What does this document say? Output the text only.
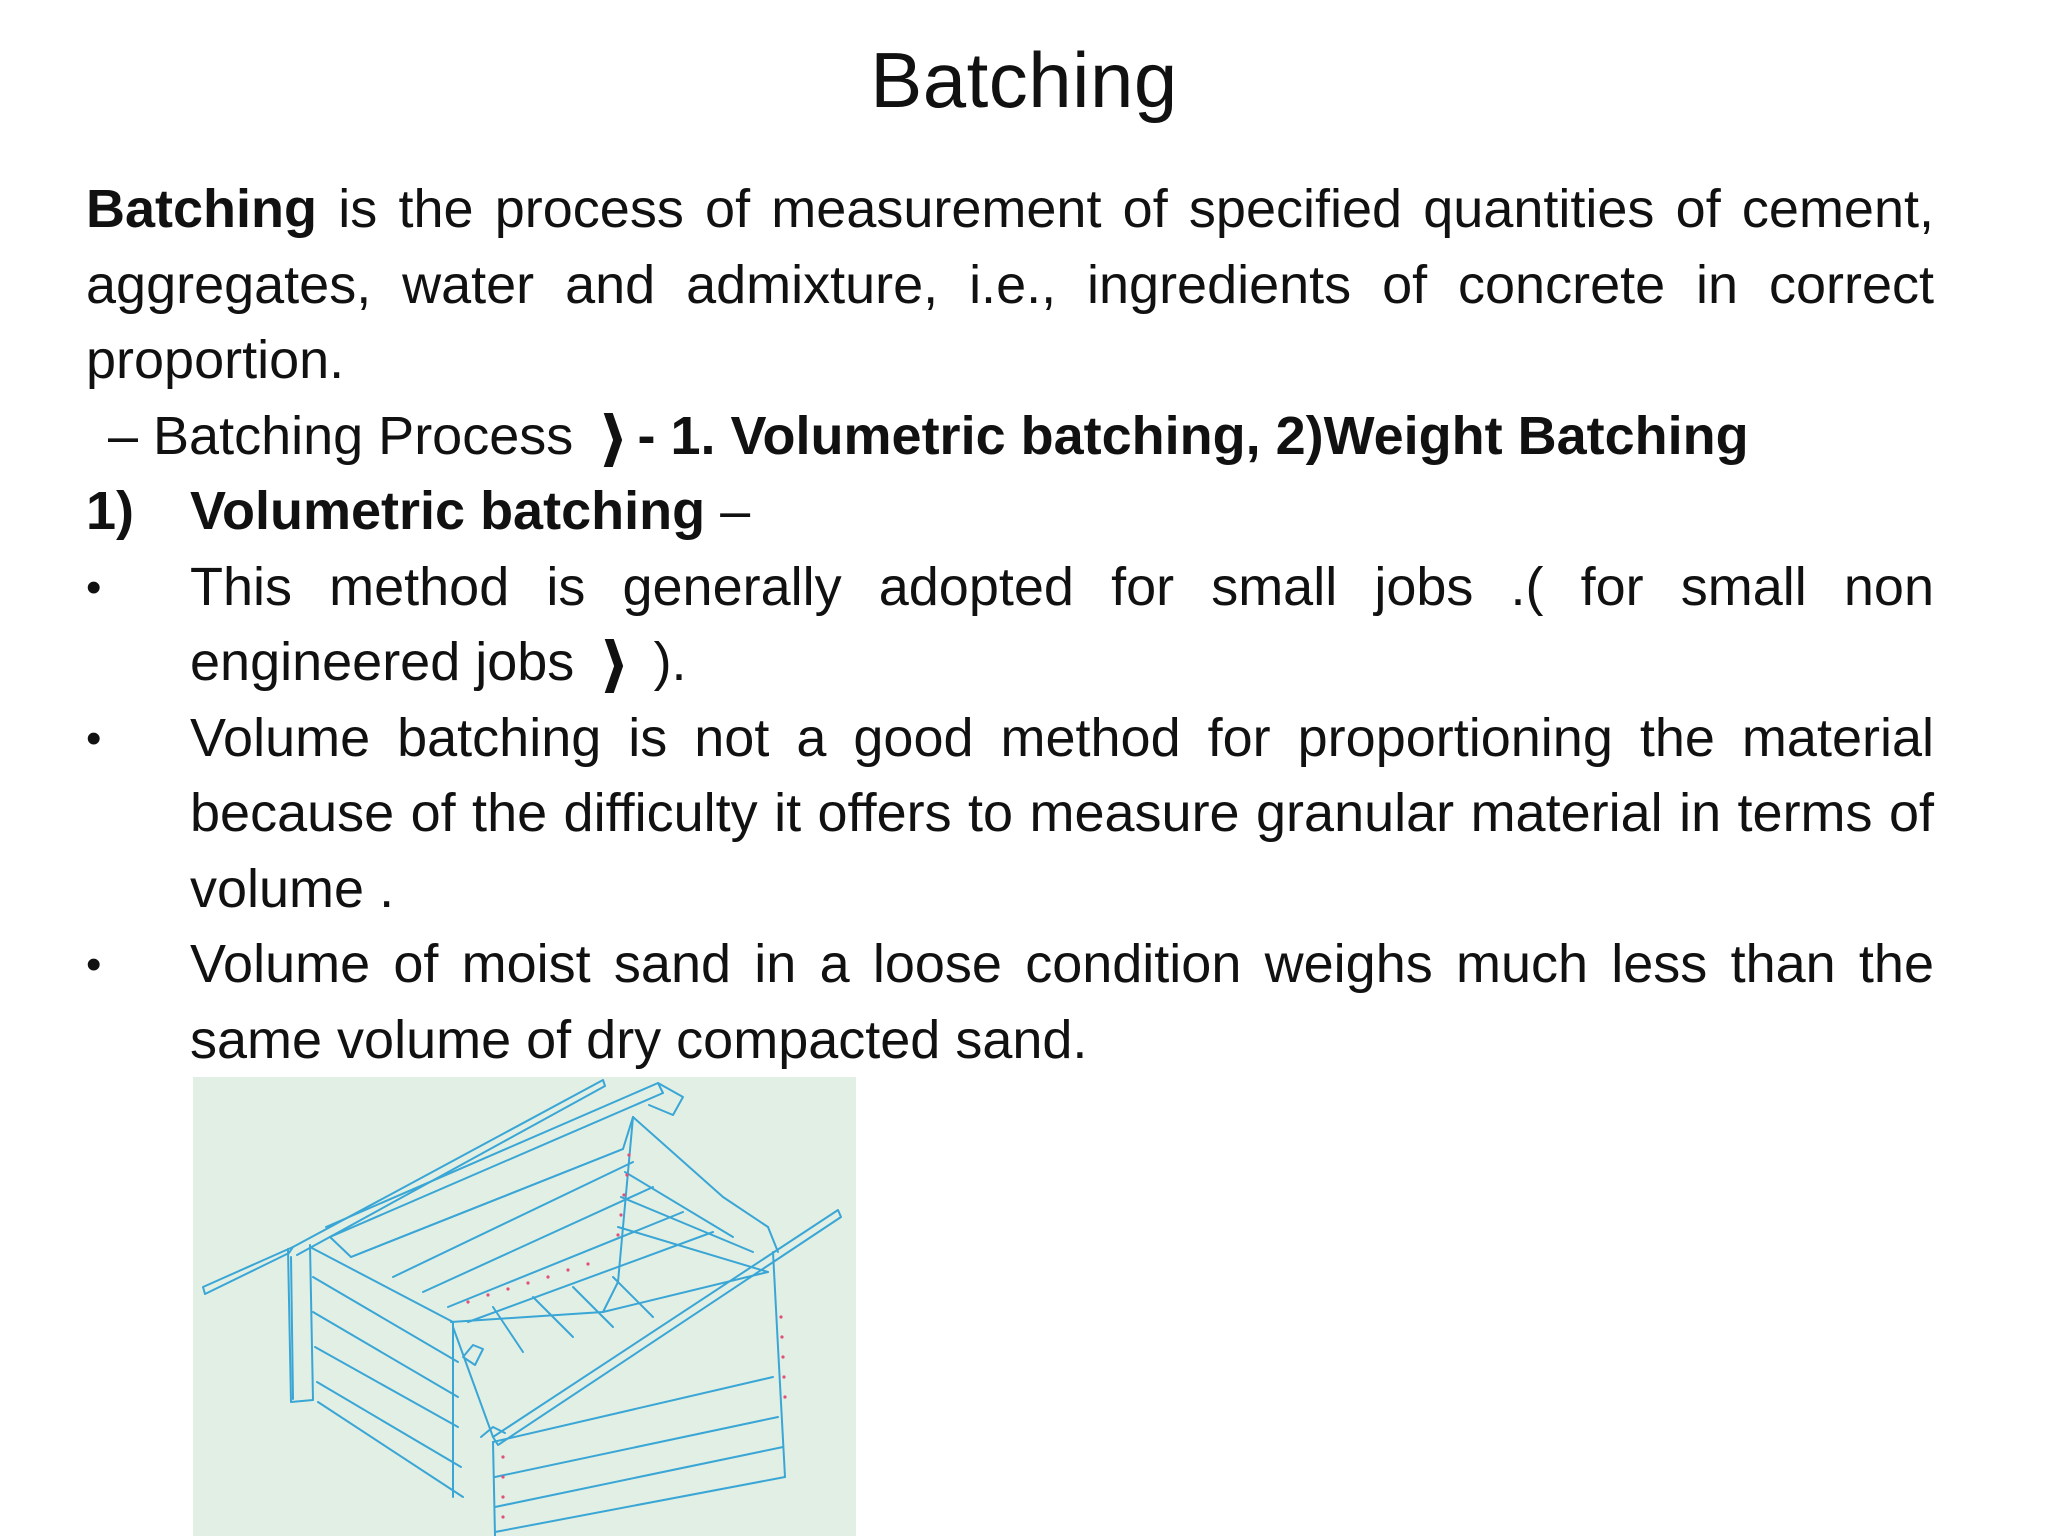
Batching

Batching is the process of measurement of specified quantities of cement, aggregates, water and admixture, i.e., ingredients of concrete in correct proportion.

– Batching Process ❱ - 1. Volumetric batching, 2)Weight Batching

1)	Volumetric batching –
•	This method is generally adopted for small jobs .( for small non engineered jobs ❱ ).
•	Volume batching is not a good method for proportioning the material because of the difficulty it offers to measure granular material in terms of volume .
•	Volume of moist sand in a loose condition weighs much less than the same volume of dry compacted sand.
